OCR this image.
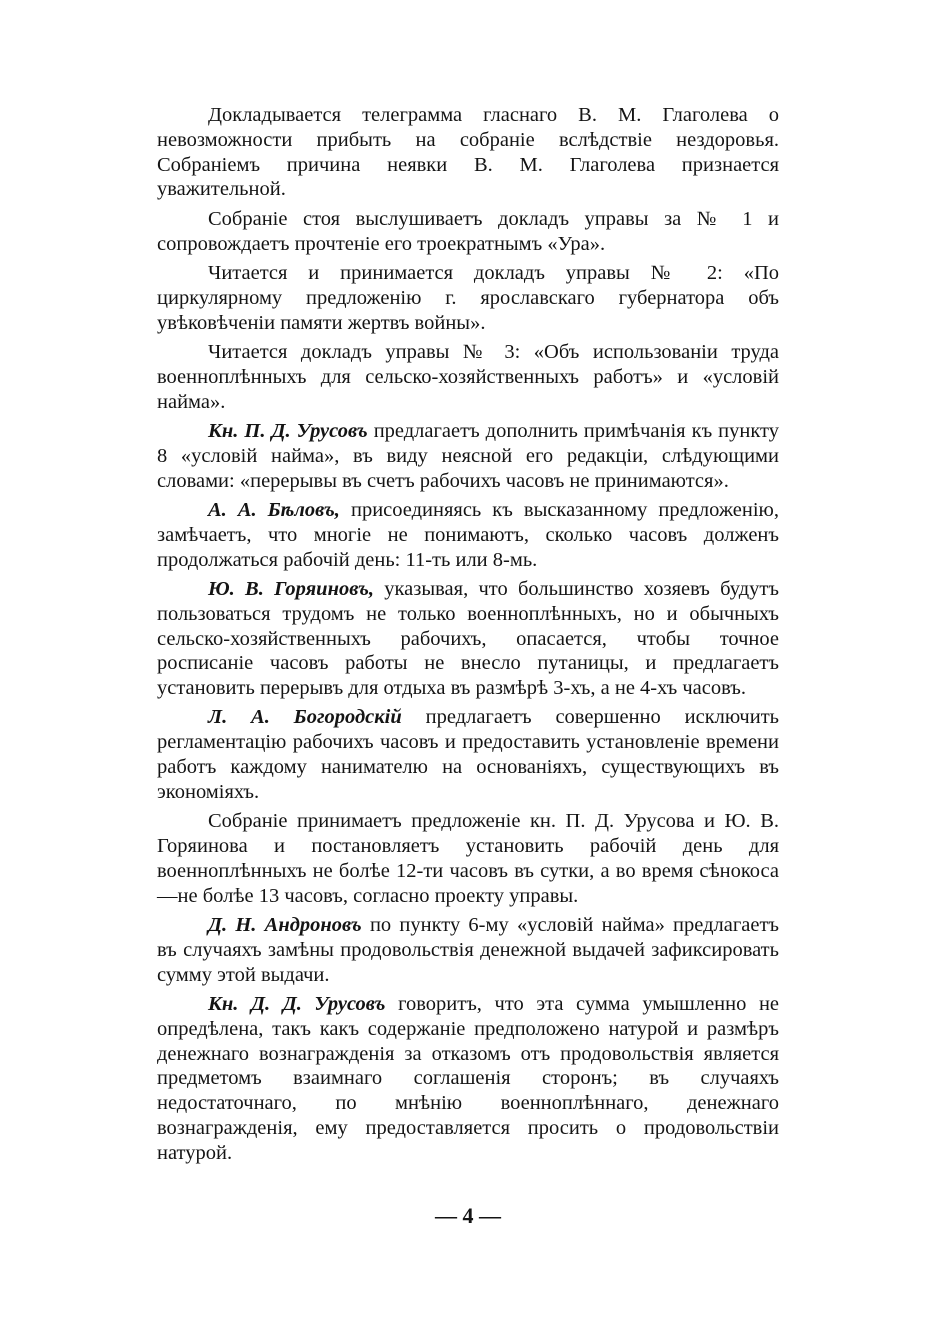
Докладывается телеграмма гласнаго В. М. Глаголева о невозможности прибыть на собраніе вслѣдствіе нездоровья. Собраніемъ причина неявки В. М. Глаголева признается уважительной.

Собраніе стоя выслушиваетъ докладъ управы за № 1 и сопровождаетъ прочтеніе его троекратнымъ «Ура».

Читается и принимается докладъ управы № 2: «По циркулярному предложенію г. ярославскаго губернатора объ увѣковѣченіи памяти жертвъ войны».

Читается докладъ управы № 3: «Объ использованіи труда военноплѣнныхъ для сельско-хозяйственныхъ работъ» и «условій найма».

Кн. П. Д. Урусовъ предлагаетъ дополнить примѣчанія къ пункту 8 «условій найма», въ виду неясной его редакціи, слѣдующими словами: «перерывы въ счетъ рабочихъ часовъ не принимаются».

А. А. Бѣловъ, присоединяясь къ высказанному предложенію, замѣчаетъ, что многіе не понимаютъ, сколько часовъ долженъ продолжаться рабочій день: 11-ть или 8-мь.

Ю. В. Горяиновъ, указывая, что большинство хозяевъ будутъ пользоваться трудомъ не только военноплѣнныхъ, но и обычныхъ сельско-хозяйственныхъ рабочихъ, опасается, чтобы точное росписаніе часовъ работы не внесло путаницы, и предлагаетъ установить перерывъ для отдыха въ размѣрѣ 3-хъ, а не 4-хъ часовъ.

Л. А. Богородскій предлагаетъ совершенно исключить регламентацію рабочихъ часовъ и предоставить установленіе времени работъ каждому нанимателю на основаніяхъ, существующихъ въ экономіяхъ.

Собраніе принимаетъ предложеніе кн. П. Д. Урусова и Ю. В. Горяинова и постановляетъ установить рабочій день для военноплѣнныхъ не болѣе 12-ти часовъ въ сутки, а во время сѣнокоса—не болѣе 13 часовъ, согласно проекту управы.

Д. Н. Андроновъ по пункту 6-му «условій найма» предлагаетъ въ случаяхъ замѣны продовольствія денежной выдачей зафиксировать сумму этой выдачи.

Кн. Д. Д. Урусовъ говоритъ, что эта сумма умышленно не опредѣлена, такъ какъ содержаніе предположено натурой и размѣръ денежнаго вознагражденія за отказомъ отъ продовольствія является предметомъ взаимнаго соглашенія сторонъ; въ случаяхъ недостаточнаго, по мнѣнію военноплѣннаго, денежнаго вознагражденія, ему предоставляется просить о продовольствіи натурой.

— 4 —
